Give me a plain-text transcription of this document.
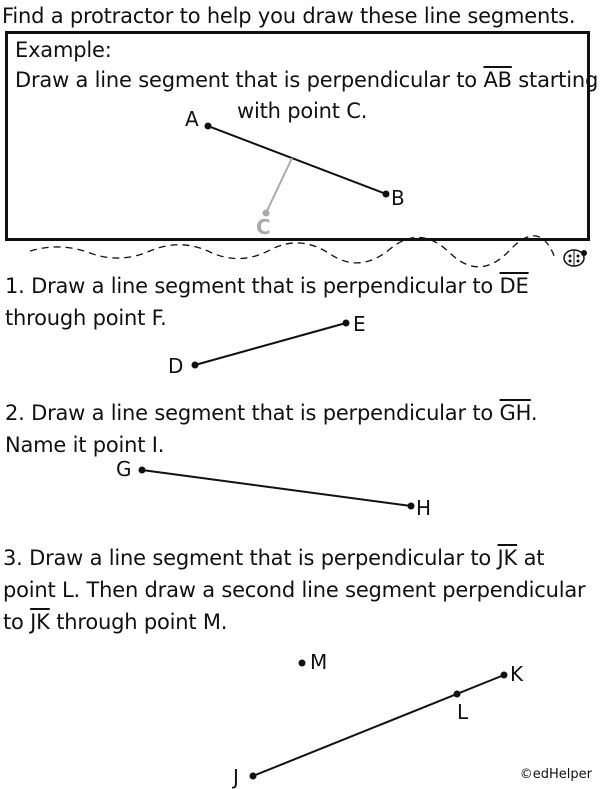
Find a protractor to help you draw these line segments.
Example:
Draw a line segment that is perpendicular to $\overline{AB}$ starting
with point C.
1. Draw a line segment that is perpendicular to $\overline{DE}$
through point F.
2. Draw a line segment that is perpendicular to $\overline{GH}$.
Name it point I.
3. Draw a line segment that is perpendicular to $\overline{JK}$ at
point L. Then draw a second line segment perpendicular
to $\overline{JK}$ through point M.
A
B
C
D
E
G
H
J
K
L
M
©edHelper
